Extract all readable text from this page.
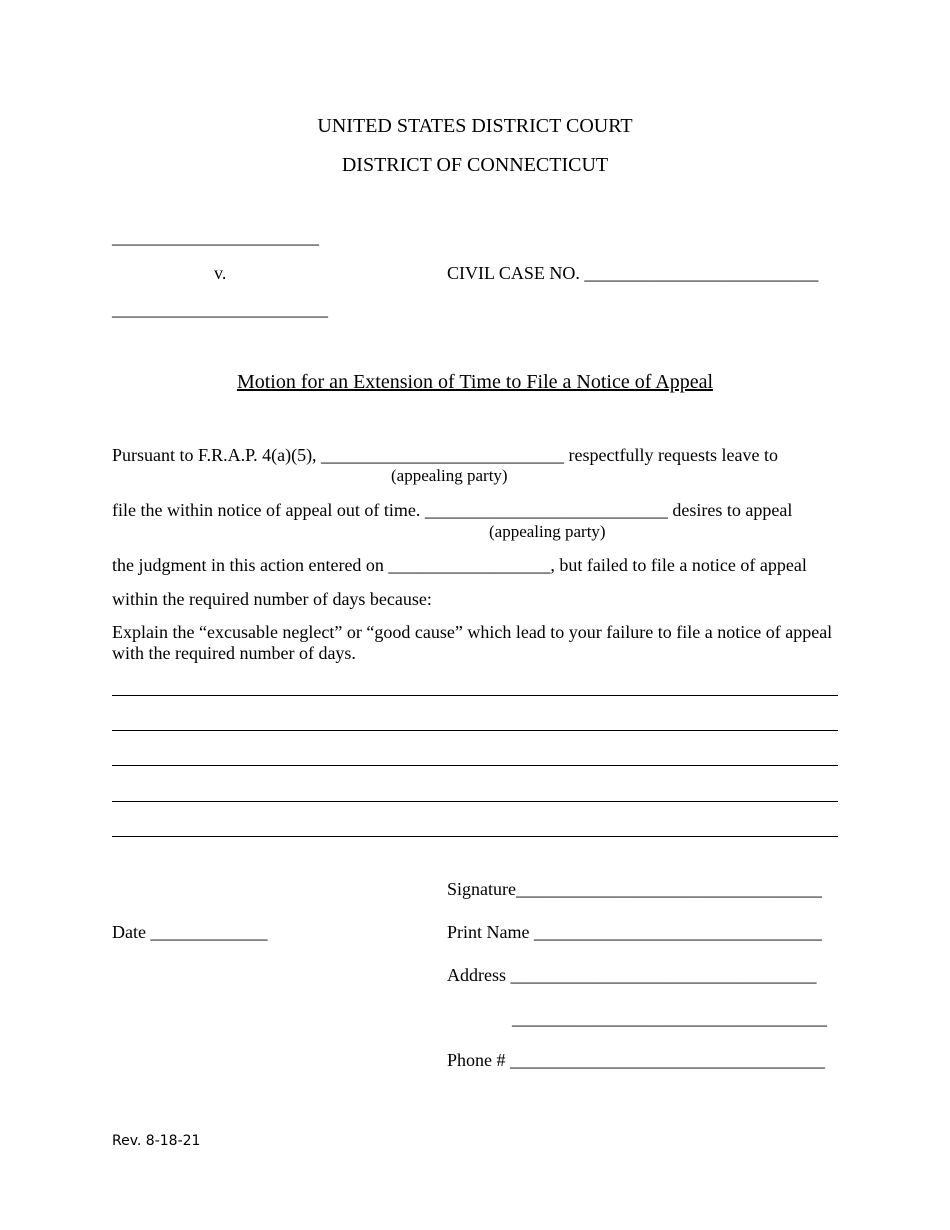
UNITED STATES DISTRICT COURT
DISTRICT OF CONNECTICUT
_______________________
v.	CIVIL CASE NO. __________________________
________________________
Motion for an Extension of Time to File a Notice of Appeal
Pursuant to F.R.A.P. 4(a)(5), ___________________________ respectfully requests leave to
(appealing party)
file the within notice of appeal out of time. ___________________________ desires to appeal
(appealing party)
the judgment in this action entered on __________________, but failed to file a notice of appeal
within the required number of days because:
Explain the “excusable neglect” or “good cause” which lead to your failure to file a notice of appeal with the required number of days.
Signature__________________________________
Date _____________	Print Name ________________________________
Address __________________________________
___________________________________
Phone # ___________________________________
Rev. 8-18-21
